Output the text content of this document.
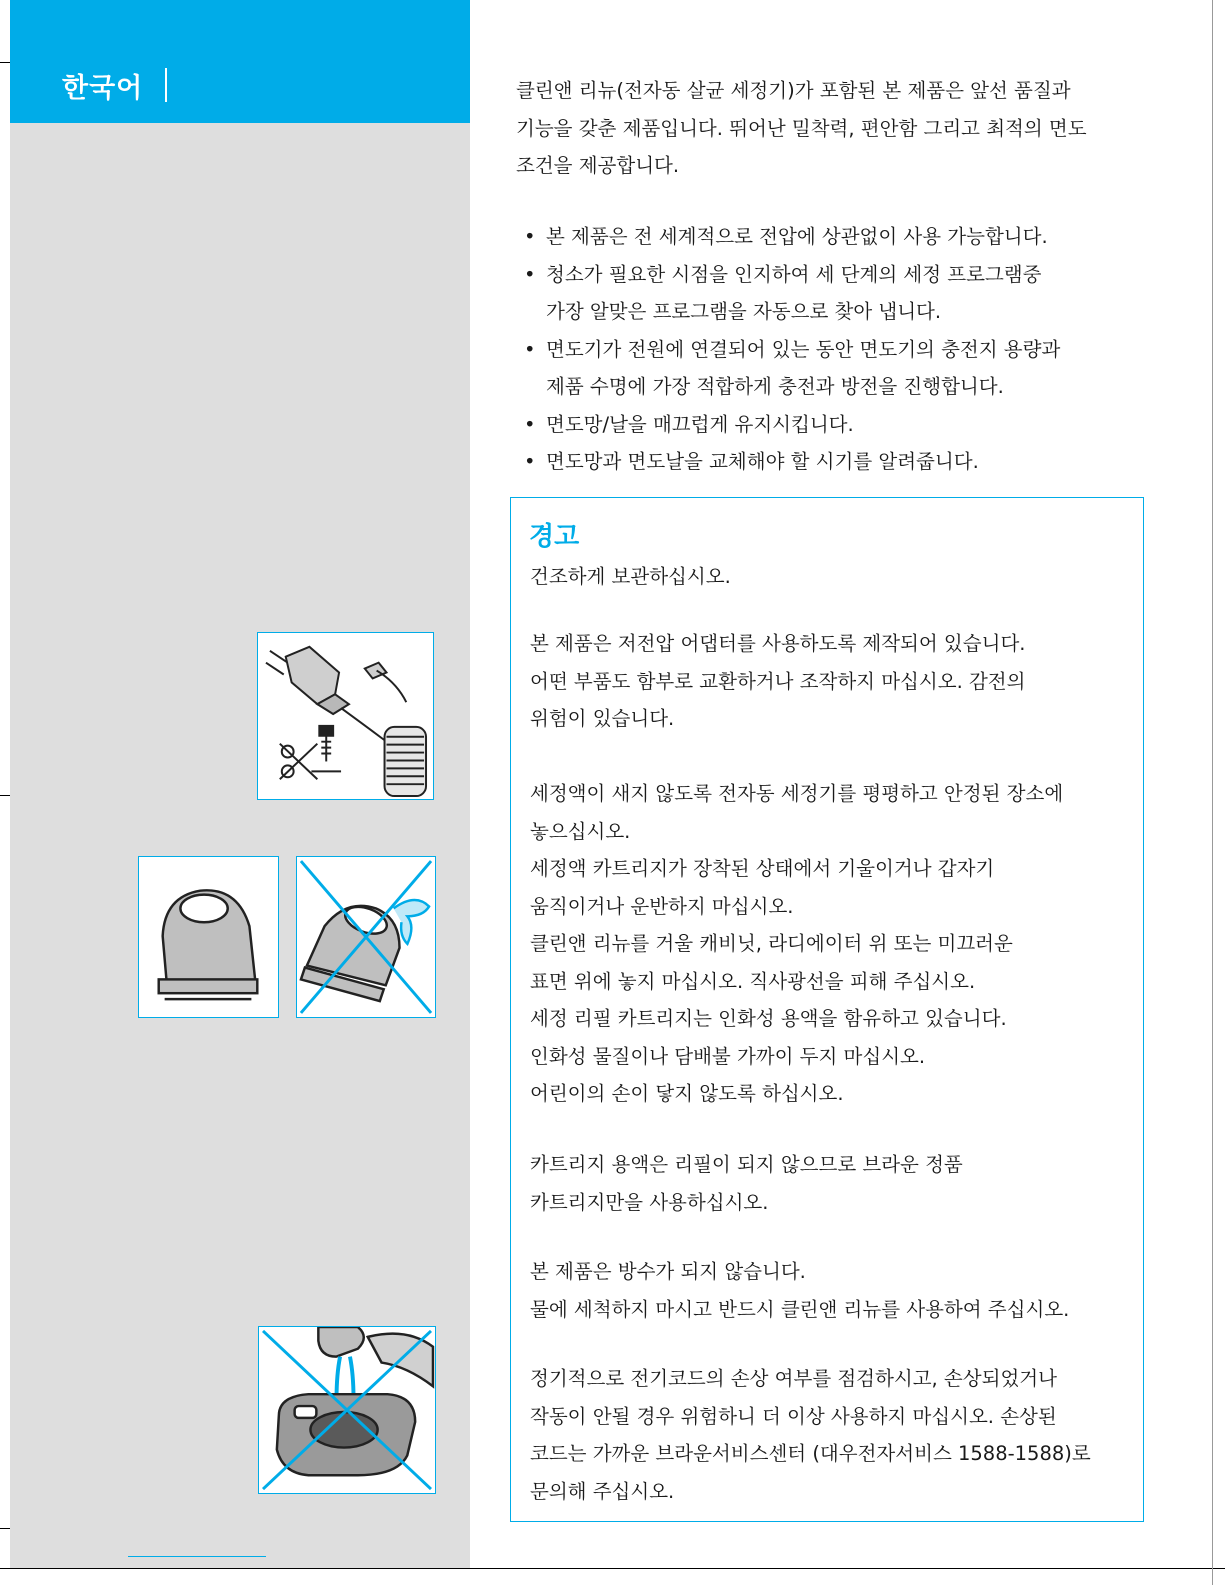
한국어	클린앤 리뉴(전자동 살균 세정기)가 포함된 본 제품은 앞선 품질과
기능을 갖춘 제품입니다. 뛰어난 밀착력, 편안함 그리고 최적의 면도
조건을 제공합니다.

• 본 제품은 전 세계적으로 전압에 상관없이 사용 가능합니다.
• 청소가 필요한 시점을 인지하여 세 단계의 세정 프로그램중
가장 알맞은 프로그램을 자동으로 찾아 냅니다.
• 면도기가 전원에 연결되어 있는 동안 면도기의 충전지 용량과
제품 수명에 가장 적합하게 충전과 방전을 진행합니다.
• 면도망/날을 매끄럽게 유지시킵니다.
• 면도망과 면도날을 교체해야 할 시기를 알려줍니다.
경고

건조하게 보관하십시오.

본 제품은 저전압 어댑터를 사용하도록 제작되어 있습니다.
어떤 부품도 함부로 교환하거나 조작하지 마십시오. 감전의
위험이 있습니다.

세정액이 새지 않도록 전자동 세정기를 평평하고 안정된 장소에
놓으십시오.
세정액 카트리지가 장착된 상태에서 기울이거나 갑자기
움직이거나 운반하지 마십시오.
클린앤 리뉴를 거울 캐비닛, 라디에이터 위 또는 미끄러운
표면 위에 놓지 마십시오. 직사광선을 피해 주십시오.
세정 리필 카트리지는 인화성 용액을 함유하고 있습니다.
인화성 물질이나 담배불 가까이 두지 마십시오.
어린이의 손이 닿지 않도록 하십시오.

카트리지 용액은 리필이 되지 않으므로 브라운 정품
카트리지만을 사용하십시오.

본 제품은 방수가 되지 않습니다.
물에 세척하지 마시고 반드시 클린앤 리뉴를 사용하여 주십시오.

정기적으로 전기코드의 손상 여부를 점검하시고, 손상되었거나
작동이 안될 경우 위험하니 더 이상 사용하지 마십시오. 손상된
코드는 가까운 브라운서비스센터 (대우전자서비스 1588-1588)로
문의해 주십시오.
